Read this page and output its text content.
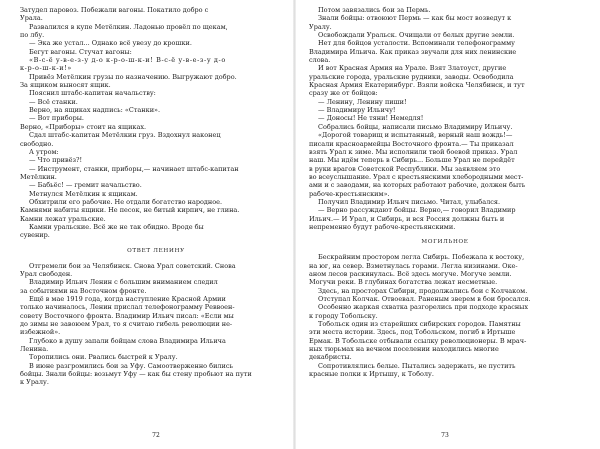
Затудел паровоз. Побежали вагоны. Покатило добро с
Урала.
Развалился в купе Метёлкин. Ладонью провёл по щекам,
по лбу.
— Эка же устал... Однако всё увезу до крошки.
Бегут вагоны. Стучат вагоны:
«В-с-ё у-в-е-з-у д-о к-р-о-ш-к-и! В-с-ё у-в-е-з-у д-о
к-р-о-ш-к-и!»
Привёз Метёлкин грузы по назначению. Выгружают добро.
За ящиком выносят ящик.
Пояснил штабс-капитан начальству:
— Всё станки.
Верно, на ящиках надпись: «Станки».
— Вот приборы.
Верно, «Приборы» стоит на ящиках.
Сдал штабс-капитан Метёлкин груз. Вздохнул наконец
свободно.
А утром:
— Что привёз?!
— Инструмент, станки, приборы,— начинает штабс-капитан
Метёлкин.
— Бабьёс! — гремит начальство.
Метнулся Метёлкин к ящикам.
Обхитрили его рабочие. Не отдали богатство народное.
Камнями набиты ящики. Не песок, не битый кирпич, не глина.
Камни лежат уральские.
Камни уральские. Всё же не так обидно. Вроде бы
сувенир.
ОТВЕТ ЛЕНИНУ
Отгремели бои за Челябинск. Снова Урал советский. Снова
Урал свободен.
Владимир Ильич Ленин с большим вниманием следил
за событиями на Восточном фронте.
Ещё в мае 1919 года, когда наступление Красной Армии
только начиналось, Ленин прислал телефонограмму Реввоен-
совету Восточного фронта. Владимир Ильич писал: «Если мы
до зимы не завоюем Урал, то я считаю гибель революции не-
избежной».
Глубоко в душу запали бойцам слова Владимира Ильича
Ленина.
Торопились они. Рвались быстрей к Уралу.
В июне разгромились бои за Уфу. Самоотверженно бились
бойцы. Знали бойцы: возьмут Уфу — как бы стену пробьют на пути
к Уралу.
72
Потом завязались бои за Пермь.
Знали бойцы: отвоюют Пермь — как бы мост возведут к
Уралу.
Освобождали Уральск. Очищали от белых другие земли.
Нет для бойцов усталости. Вспоминали телефонограмму
Владимира Ильича. Как приказ звучали для них ленинские
слова.
И вот Красная Армия на Урале. Взят Златоуст, другие
уральские города, уральские рудники, заводы. Освободила
Красная Армия Екатеринбург. Взяли войска Челябинск, и тут
сразу же от бойцов:
— Ленину, Ленину пиши!
— Владимиру Ильичу!
— Доносы! Не тяни! Немедля!
Собрались бойцы, написали письмо Владимиру Ильичу.
«Дорогой товарищ и испытанный, верный наш вождь!—
писали красноармейцы Восточного фронта.— Ты приказал
взять Урал к зиме. Мы исполнили твой боевой приказ. Урал
наш. Мы идём теперь в Сибирь... Больше Урал не перейдёт
в руки врагов Советской Республики. Мы заявляем это
во всеуслышание. Урал с крестьянскими хлебородными мест-
ами и с заводами, на которых работают рабочие, должен быть
рабоче-крестьянским».
Получил Владимир Ильич письмо. Читал, улыбался.
— Верно рассуждают бойцы. Верно,— говорил Владимир
Ильич.— И Урал, и Сибирь, и вся Россия должны быть и
непременно будут рабоче-крестьянскими.
МОГИЛЬНОЕ
Бескрайним простором легла Сибирь. Побежала к востоку,
на юг, на север. Взметнулась горами. Легла низинами. Оке-
аном лесов раскинулась. Всё здесь могуче. Могуче земли.
Могучи реки. В глубинах богатства лежат несметные.
Здесь, на просторах Сибири, продолжались бои с Колчаком.
Отступал Колчак. Отвоевал. Раненым зверем в бои бросался.
Особенно жаркая схватка разгорелись при подходе красных
к городу Тобольску.
Тобольск один из старейших сибирских городов. Памятны
эти места истории. Здесь, под Тобольском, погиб в Иртыше
Ермак. В Тобольске отбывали ссылку революционеры. В мрач-
ных тюрьмах на вечном поселении находились многие
декабристы.
Сопротивлялись белые. Пытались задержать, не пустить
красные полки к Иртышу, к Тоболу.
73
